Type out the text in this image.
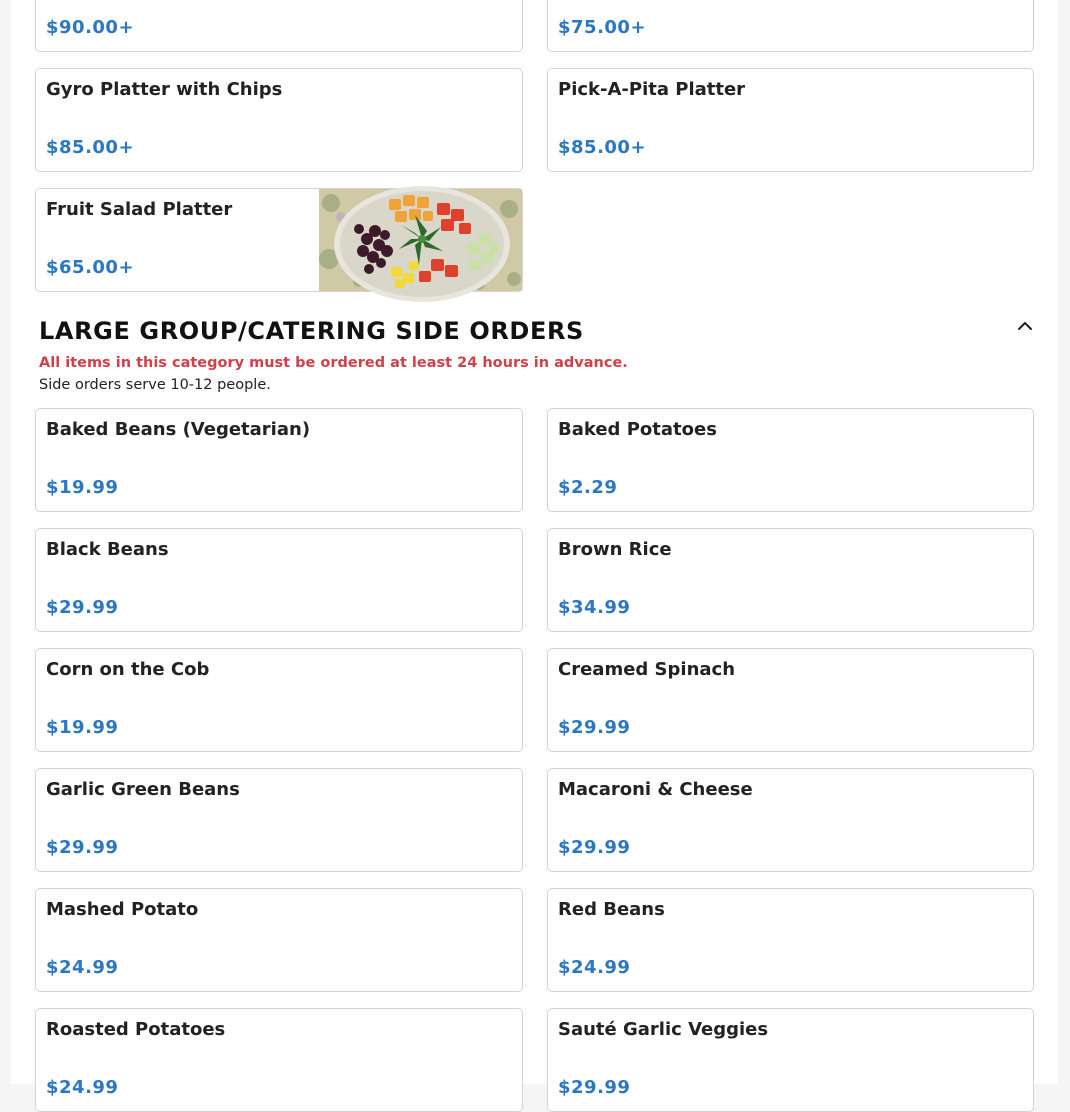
$90.00+	$75.00+
Gyro Platter with Chips
$85.00+
Pick-A-Pita Platter
$85.00+
Fruit Salad Platter
$65.00+
LARGE GROUP/CATERING SIDE ORDERS
All items in this category must be ordered at least 24 hours in advance.
Side orders serve 10-12 people.
Baked Beans (Vegetarian)
$19.99
Baked Potatoes
$2.29
Black Beans
$29.99
Brown Rice
$34.99
Corn on the Cob
$19.99
Creamed Spinach
$29.99
Garlic Green Beans
$29.99
Macaroni & Cheese
$29.99
Mashed Potato
$24.99
Red Beans
$24.99
Roasted Potatoes
$24.99
Sauté Garlic Veggies
$29.99
